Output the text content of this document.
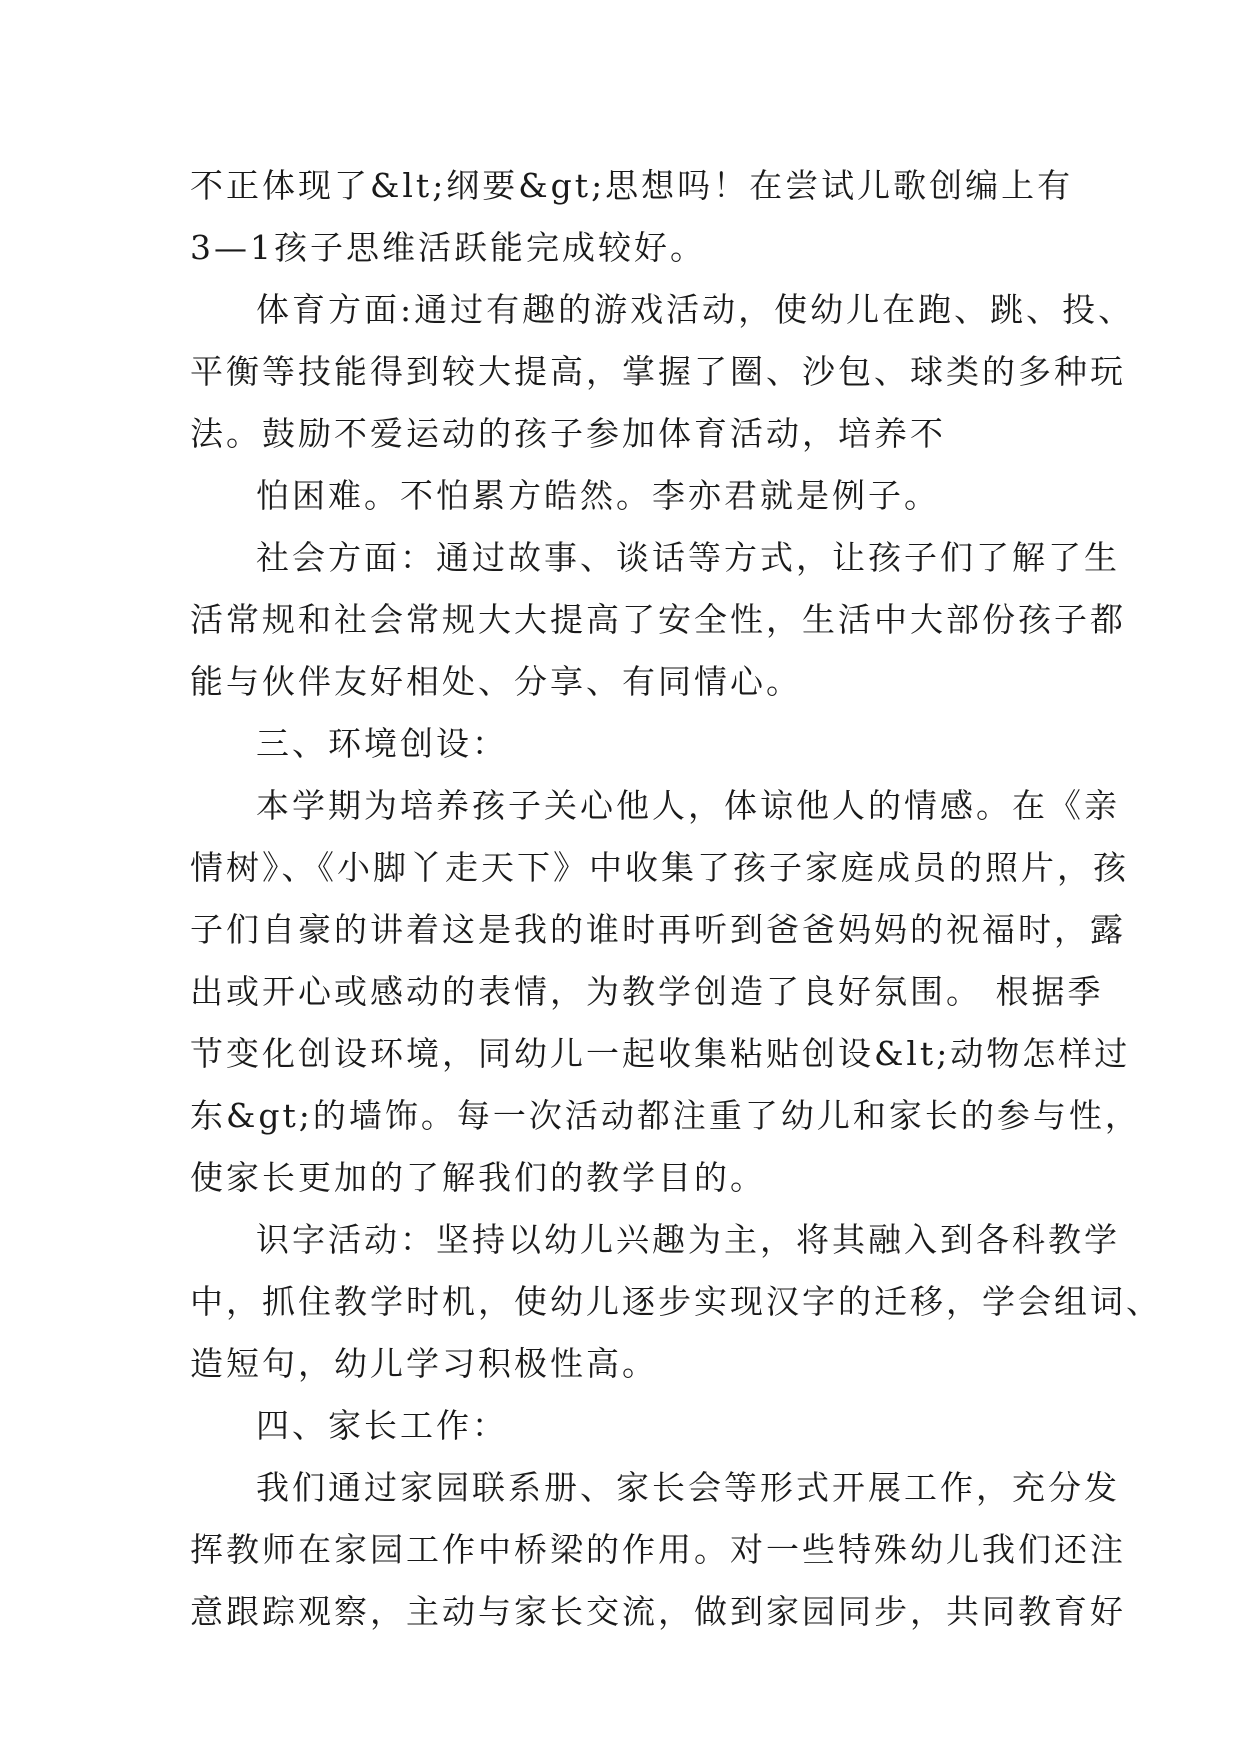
不正体现了&lt;纲要&gt;思想吗！在尝试儿歌创编上有
3—1孩子思维活跃能完成较好。
体育方面:通过有趣的游戏活动，使幼儿在跑、跳、投、
平衡等技能得到较大提高，掌握了圈、沙包、球类的多种玩
法。鼓励不爱运动的孩子参加体育活动，培养不
怕困难。不怕累方皓然。李亦君就是例子。
社会方面：通过故事、谈话等方式，让孩子们了解了生
活常规和社会常规大大提高了安全性，生活中大部份孩子都
能与伙伴友好相处、分享、有同情心。
三、环境创设：
本学期为培养孩子关心他人，体谅他人的情感。在《亲
情树》、《小脚丫走天下》中收集了孩子家庭成员的照片，孩
子们自豪的讲着这是我的谁时再听到爸爸妈妈的祝福时，露
出或开心或感动的表情，为教学创造了良好氛围。 根据季
节变化创设环境，同幼儿一起收集粘贴创设&lt;动物怎样过
东&gt;的墙饰。每一次活动都注重了幼儿和家长的参与性，
使家长更加的了解我们的教学目的。
识字活动：坚持以幼儿兴趣为主，将其融入到各科教学
中，抓住教学时机，使幼儿逐步实现汉字的迁移，学会组词、
造短句，幼儿学习积极性高。
四、家长工作：
我们通过家园联系册、家长会等形式开展工作，充分发
挥教师在家园工作中桥梁的作用。对一些特殊幼儿我们还注
意跟踪观察，主动与家长交流，做到家园同步，共同教育好
